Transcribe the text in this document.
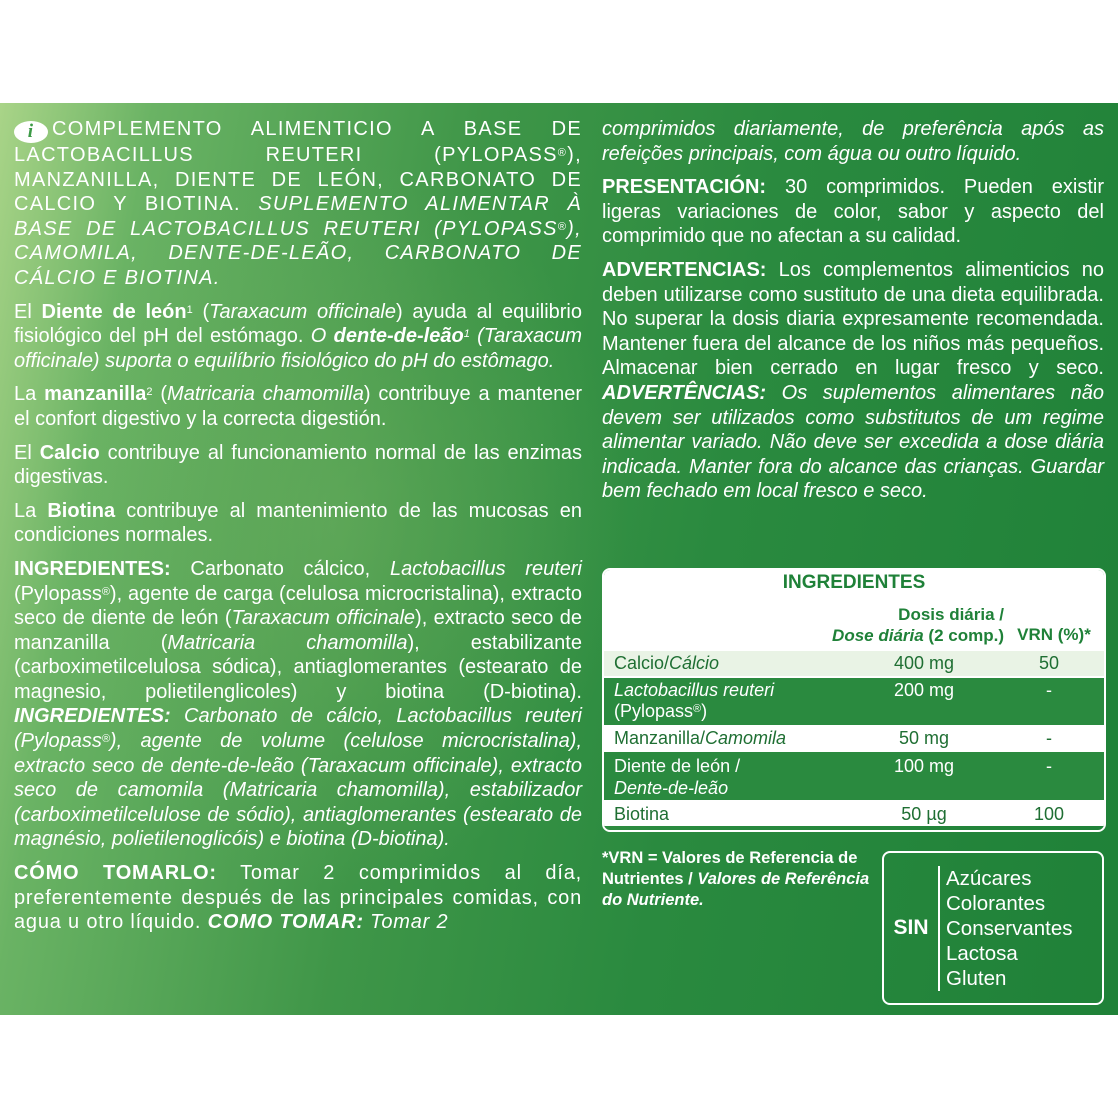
i COMPLEMENTO ALIMENTICIO A BASE DE LACTOBACILLUS REUTERI (PYLOPASS®), MANZANILLA, DIENTE DE LEÓN, CARBONATO DE CALCIO Y BIOTINA. SUPLEMENTO ALIMENTAR À BASE DE LACTOBACILLUS REUTERI (PYLOPASS®), CAMOMILA, DENTE-DE-LEÃO, CARBONATO DE CÁLCIO E BIOTINA.

El Diente de león$^1$ (Taraxacum officinale) ayuda al equilibrio fisiológico del pH del estómago. O dente-de-leão$^1$ (Taraxacum officinale) suporta o equilíbrio fisiológico do pH do estômago.

La manzanilla$^2$ (Matricaria chamomilla) contribuye a mantener el confort digestivo y la correcta digestión.

El Calcio contribuye al funcionamiento normal de las enzimas digestivas.

La Biotina contribuye al mantenimiento de las mucosas en condiciones normales.

INGREDIENTES: Carbonato cálcico, Lactobacillus reuteri (Pylopass®), agente de carga (celulosa microcristalina), extracto seco de diente de león (Taraxacum officinale), extracto seco de manzanilla (Matricaria chamomilla), estabilizante (carboximetilcelulosa sódica), antiaglomerantes (estearato de magnesio, polietilenglicoles) y biotina (D-biotina). INGREDIENTES: Carbonato de cálcio, Lactobacillus reuteri (Pylopass®), agente de volume (celulose microcristalina), extracto seco de dente-de-leão (Taraxacum officinale), extracto seco de camomila (Matricaria chamomilla), estabilizador (carboximetilcelulose de sódio), antiaglomerantes (estearato de magnésio, polietilenoglicóis) e biotina (D-biotina).

CÓMO TOMARLO: Tomar 2 comprimidos al día, preferentemente después de las principales comidas, con agua u otro líquido. COMO TOMAR: Tomar 2

comprimidos diariamente, de preferência após as refeições principais, com água ou outro líquido.

PRESENTACIÓN: 30 comprimidos. Pueden existir ligeras variaciones de color, sabor y aspecto del comprimido que no afectan a su calidad.

ADVERTENCIAS: Los complementos alimenticios no deben utilizarse como sustituto de una dieta equilibrada. No superar la dosis diaria expresamente recomendada. Mantener fuera del alcance de los niños más pequeños. Almacenar bien cerrado en lugar fresco y seco. ADVERTÊNCIAS: Os suplementos alimentares não devem ser utilizados como substitutos de um regime alimentar variado. Não deve ser excedida a dose diária indicada. Manter fora do alcance das crianças. Guardar bem fechado em local fresco e seco.

INGREDIENTES
Dosis diária /
Dose diária (2 comp.) VRN (%)*
Calcio/Cálcio	400 mg	50
Lactobacillus reuteri
(Pylopass®)
200 mg	-
Manzanilla/Camomila	50 mg	-
Diente de león /
Dente-de-leão
100 mg	-
Biotina	50 µg	100
*VRN = Valores de Referencia de Nutrientes / Valores de Referência do Nutriente.
SIN
Azúcares
Colorantes
Conservantes
Lactosa
Gluten
